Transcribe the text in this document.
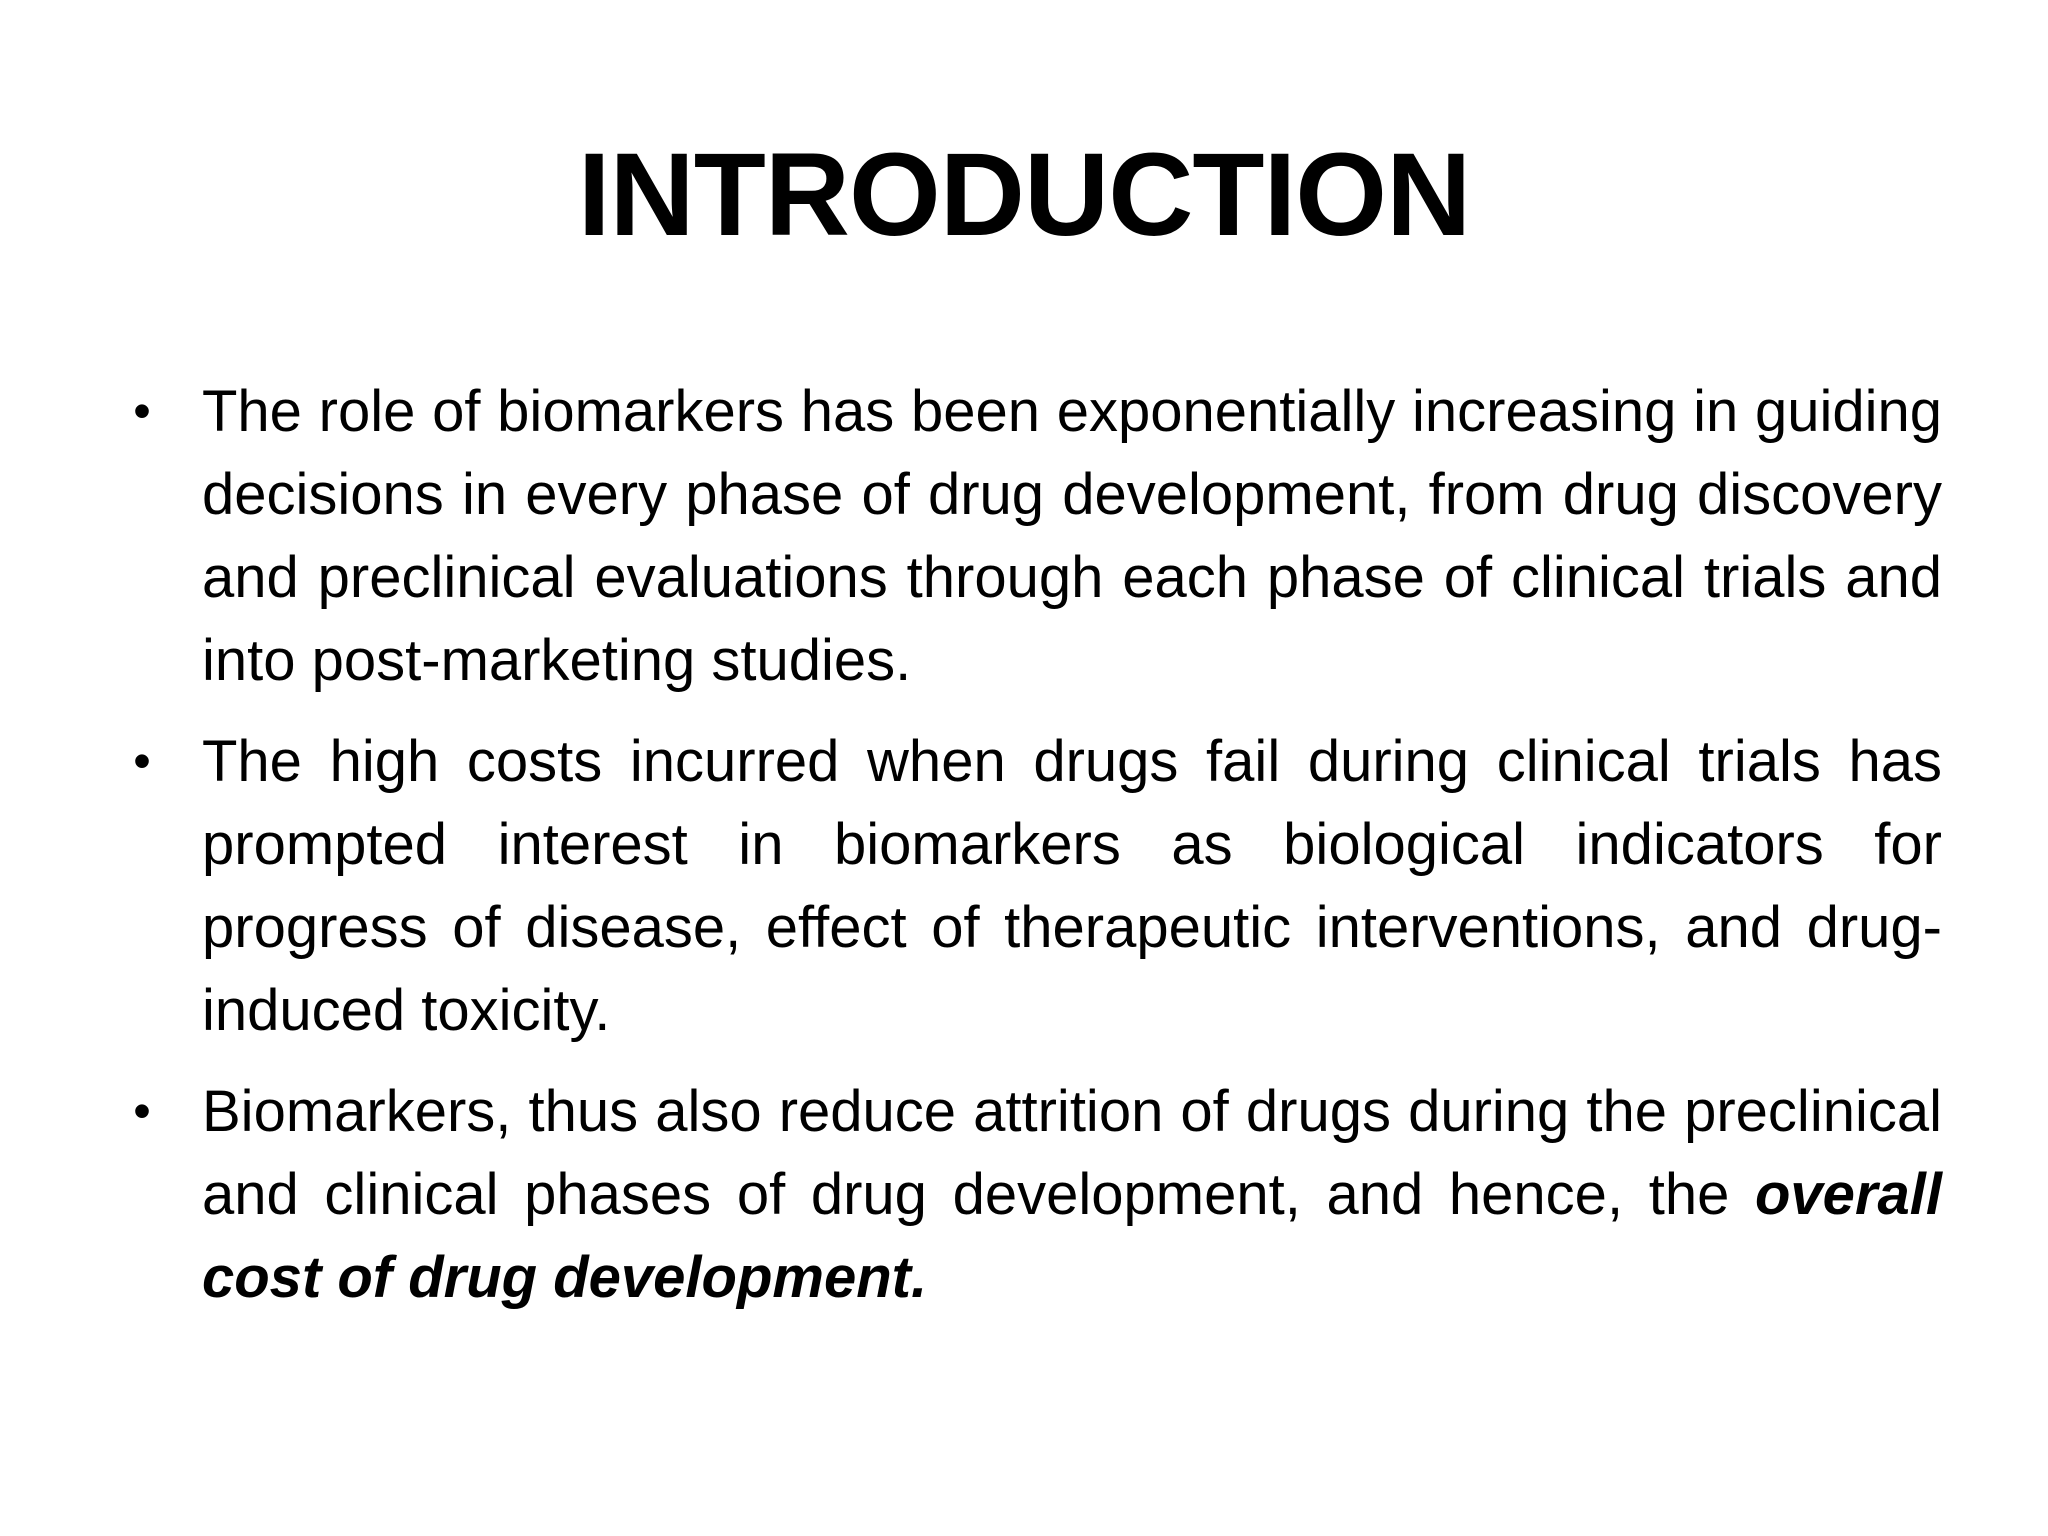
INTRODUCTION
• The role of biomarkers has been exponentially increasing in guiding decisions in every phase of drug development, from drug discovery and preclinical evaluations through each phase of clinical trials and into post-marketing studies.
• The high costs incurred when drugs fail during clinical trials has prompted interest in biomarkers as biological indicators for progress of disease, effect of therapeutic interventions, and drug-induced toxicity.
• Biomarkers, thus also reduce attrition of drugs during the preclinical and clinical phases of drug development, and hence, the overall cost of drug development.
